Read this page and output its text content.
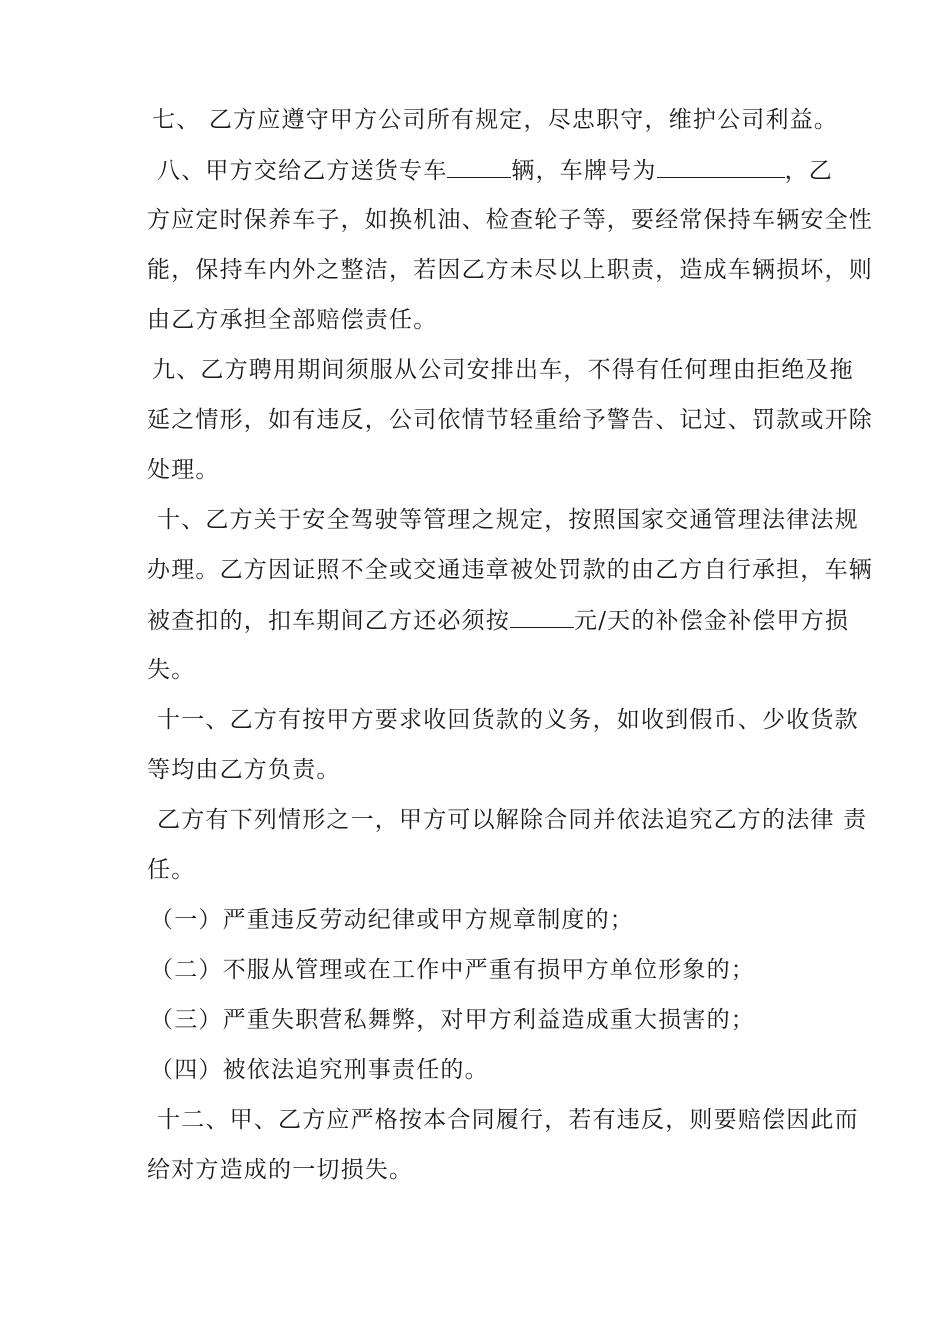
七、 乙方应遵守甲方公司所有规定，尽忠职守，维护公司利益。
八、甲方交给乙方送货专车	辆，车牌号为	，乙
方应定时保养车子，如换机油、检查轮子等，要经常保持车辆安全性
能，保持车内外之整洁，若因乙方未尽以上职责，造成车辆损坏，则
由乙方承担全部赔偿责任。
九、乙方聘用期间须服从公司安排出车，不得有任何理由拒绝及拖
延之情形，如有违反，公司依情节轻重给予警告、记过、罚款或开除
处理。
十、乙方关于安全驾驶等管理之规定，按照国家交通管理法律法规
办理。乙方因证照不全或交通违章被处罚款的由乙方自行承担，车辆
被查扣的，扣车期间乙方还必须按	元/天的补偿金补偿甲方损
失。
十一、乙方有按甲方要求收回货款的义务，如收到假币、少收货款
等均由乙方负责。
乙方有下列情形之一，甲方可以解除合同并依法追究乙方的法律 责
任。
（一）严重违反劳动纪律或甲方规章制度的；
（二）不服从管理或在工作中严重有损甲方单位形象的；
（三）严重失职营私舞弊，对甲方利益造成重大损害的；
（四）被依法追究刑事责任的。
十二、甲、乙方应严格按本合同履行，若有违反，则要赔偿因此而
给对方造成的一切损失。
